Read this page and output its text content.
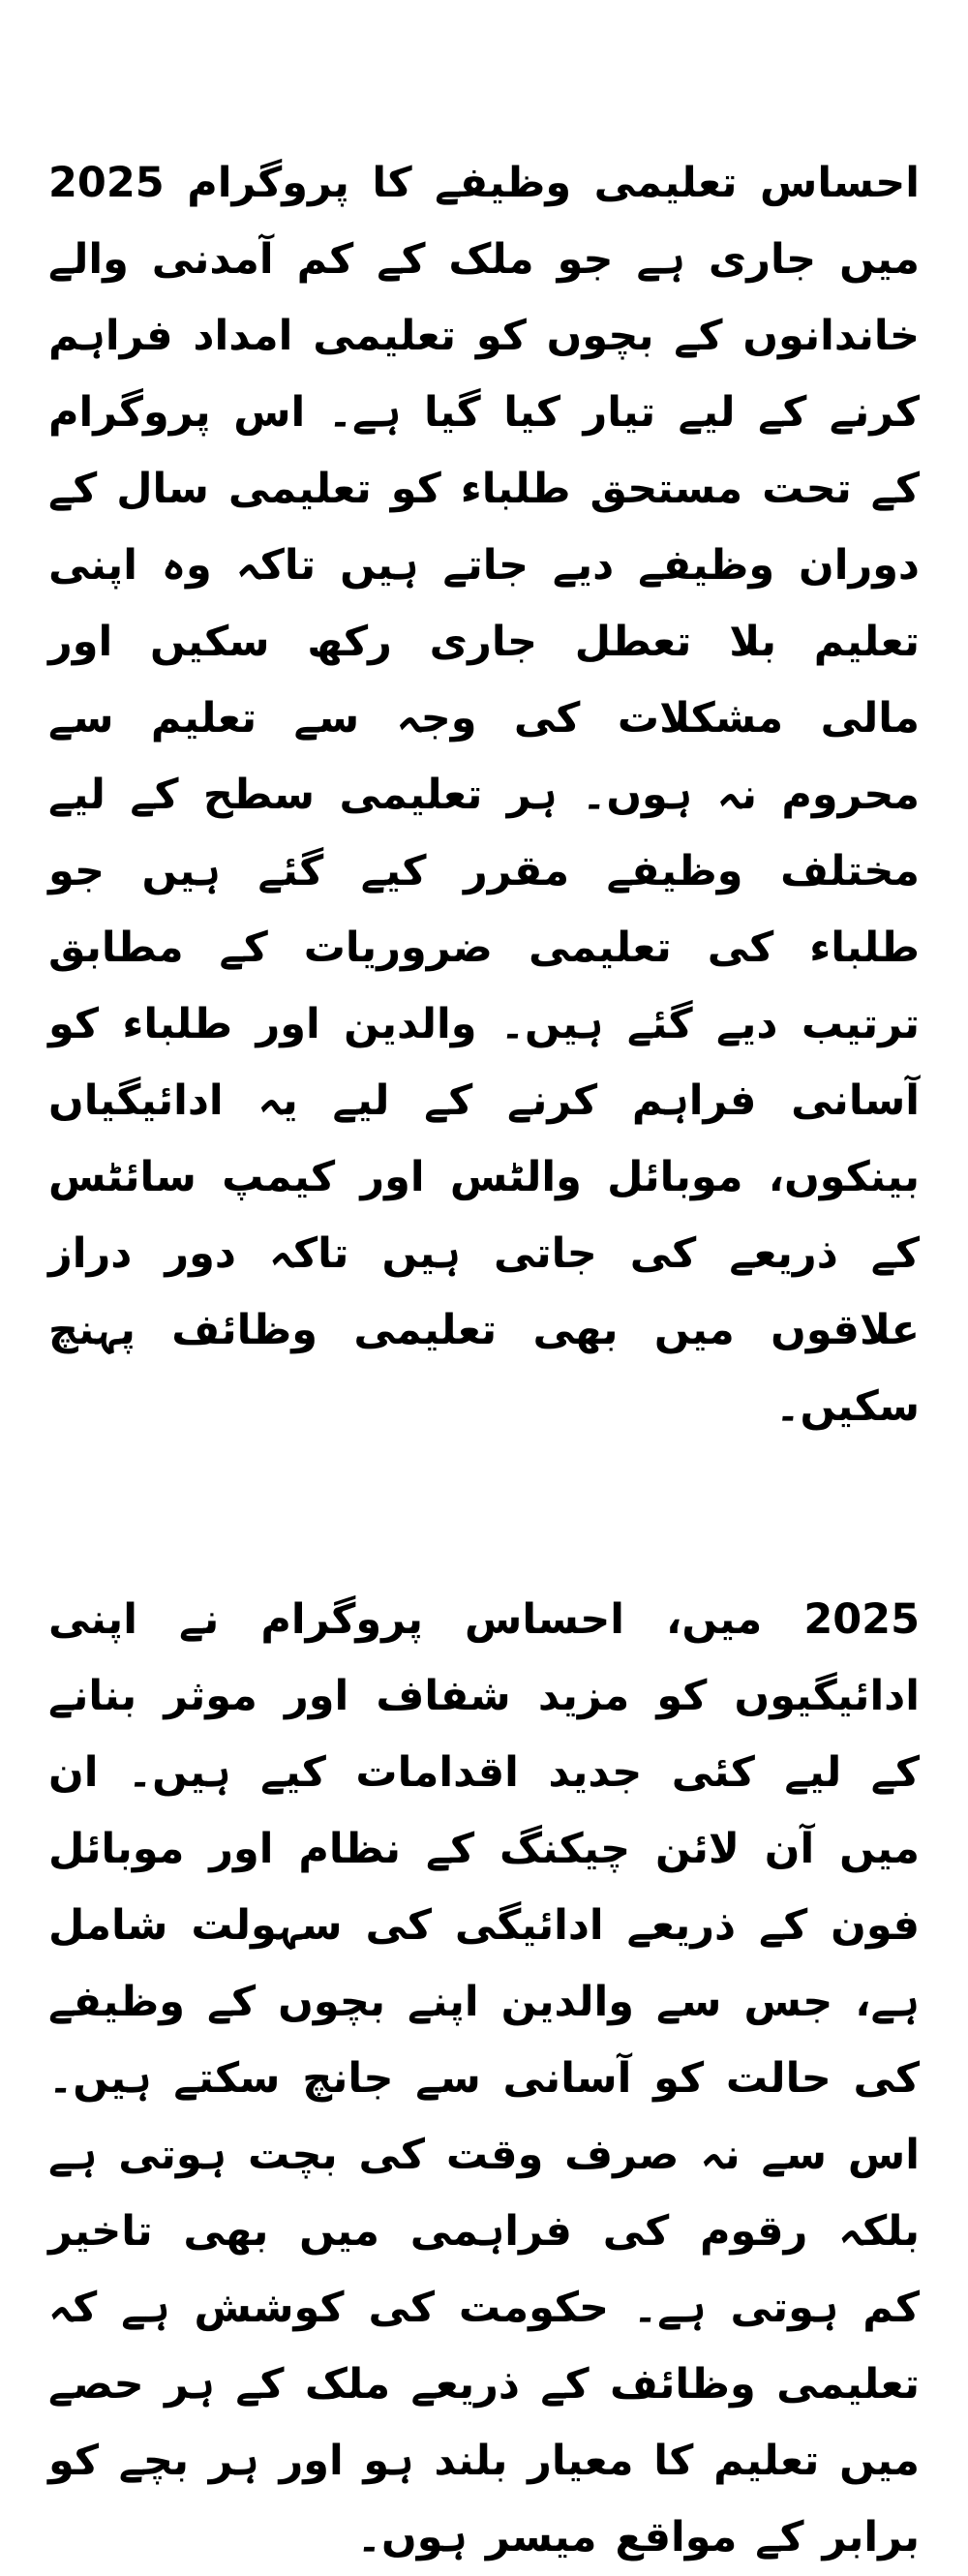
احساس تعلیمی وظیفے کا پروگرام 2025 میں جاری ہے جو ملک کے کم آمدنی والے خاندانوں کے بچوں کو تعلیمی امداد فراہم کرنے کے لیے تیار کیا گیا ہے۔ اس پروگرام کے تحت مستحق طلباء کو تعلیمی سال کے دوران وظیفے دیے جاتے ہیں تاکہ وہ اپنی تعلیم بلا تعطل جاری رکھ سکیں اور مالی مشکلات کی وجہ سے تعلیم سے محروم نہ ہوں۔ ہر تعلیمی سطح کے لیے مختلف وظیفے مقرر کیے گئے ہیں جو طلباء کی تعلیمی ضروریات کے مطابق ترتیب دیے گئے ہیں۔ والدین اور طلباء کو آسانی فراہم کرنے کے لیے یہ ادائیگیاں بینکوں، موبائل والٹس اور کیمپ سائٹس کے ذریعے کی جاتی ہیں تاکہ دور دراز علاقوں میں بھی تعلیمی وظائف پہنچ سکیں۔

2025 میں، احساس پروگرام نے اپنی ادائیگیوں کو مزید شفاف اور موثر بنانے کے لیے کئی جدید اقدامات کیے ہیں۔ ان میں آن لائن چیکنگ کے نظام اور موبائل فون کے ذریعے ادائیگی کی سہولت شامل ہے، جس سے والدین اپنے بچوں کے وظیفے کی حالت کو آسانی سے جانچ سکتے ہیں۔ اس سے نہ صرف وقت کی بچت ہوتی ہے بلکہ رقوم کی فراہمی میں بھی تاخیر کم ہوتی ہے۔ حکومت کی کوشش ہے کہ تعلیمی وظائف کے ذریعے ملک کے ہر حصے میں تعلیم کا معیار بلند ہو اور ہر بچے کو برابر کے مواقع میسر ہوں۔
